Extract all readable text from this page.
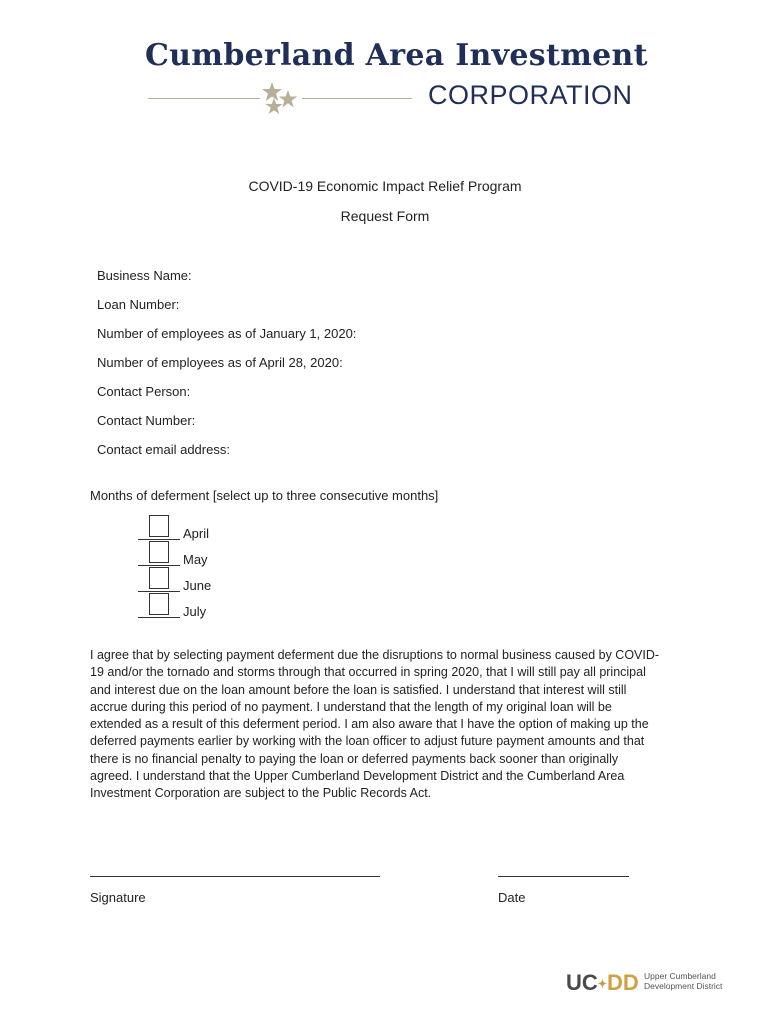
Cumberland Area Investment
CORPORATION
COVID-19 Economic Impact Relief Program
Request Form
Business Name:
Loan Number:
Number of employees as of January 1, 2020:
Number of employees as of April 28, 2020:
Contact Person:
Contact Number:
Contact email address:
Months of deferment [select up to three consecutive months]
April
May
June
July
I agree that by selecting payment deferment due the disruptions to normal business caused by COVID-
19 and/or the tornado and storms through that occurred in spring 2020, that I will still pay all principal
and interest due on the loan amount before the loan is satisfied. I understand that interest will still
accrue during this period of no payment. I understand that the length of my original loan will be
extended as a result of this deferment period. I am also aware that I have the option of making up the
deferred payments earlier by working with the loan officer to adjust future payment amounts and that
there is no financial penalty to paying the loan or deferred payments back sooner than originally
agreed. I understand that the Upper Cumberland Development District and the Cumberland Area
Investment Corporation are subject to the Public Records Act.
Signature	Date
UC✦DD Upper Cumberland
Development District
